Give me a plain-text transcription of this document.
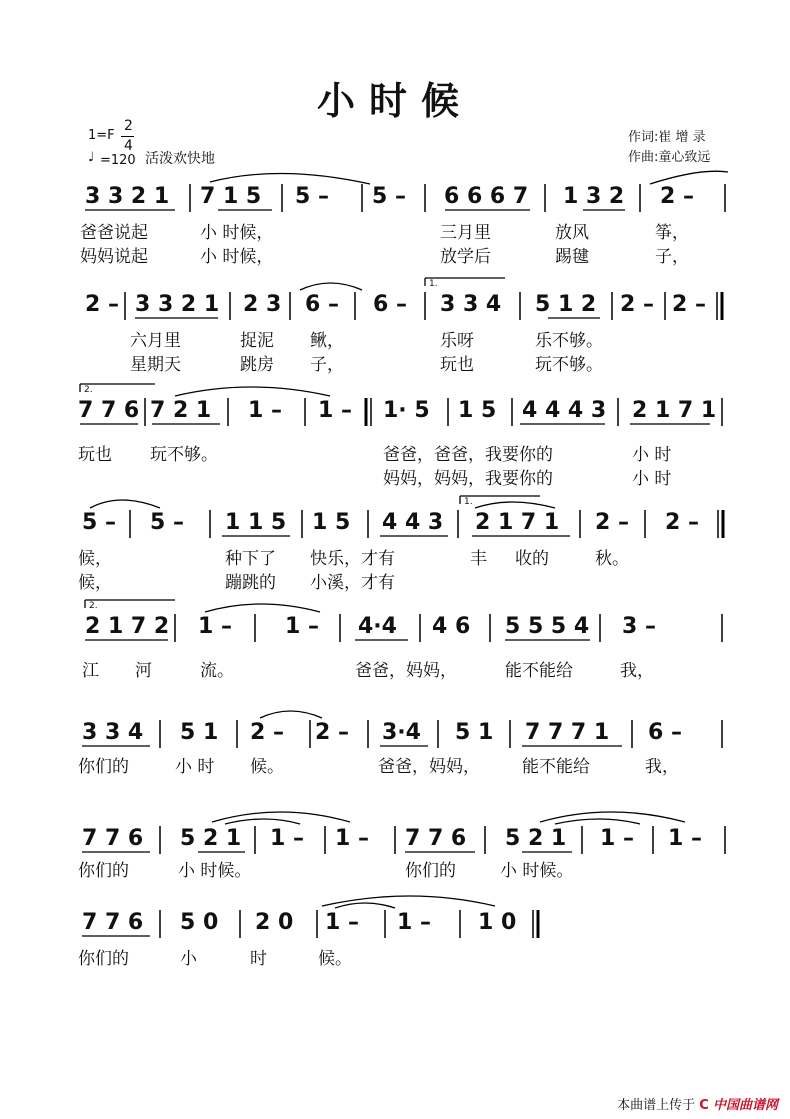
小时候
1=F
2
4
♩ =120 活泼欢快地
作词:崔 增 录
作曲:童心致远
3 3 2 1 7 1 5 5 – 5 – 6 6 6 7 1 3 2 2 –
爸爸说起	小 时候，	三月里	放风	筝，
妈妈说起	小 时候，	放学后	踢毽	子，
1.
2 – 3 3 2 1 2 3 6 – 6 – 3 3 4 5 1 2 2 – 2 –
六月里	捉泥 鳅，	乐呀	乐不够。
星期天	跳房 子，	玩也	玩不够。
2.
7 7 6 7 2 1 1 – 1 – 1· 5 1 5 4 4 4 3 2 1 7 1
玩也 玩不够。	爸爸，爸爸，我要你的	小 时
妈妈，妈妈，我要你的	小 时
1.
5 – 5 – 1 1 5 1 5 4 4 3 2 1 7 1 2 – 2 –
候，	种下了 快乐，才有	丰 收的	秋。
候，	蹦跳的 小溪，才有
2.
2 1 7 2 1 – 1 – 4·4 4 6 5 5 5 4 3 –
江 河	流。	爸爸，妈妈，	能不能给	我，
3 3 4 5 1 2 – 2 – 3·4 5 1 7 7 7 1 6 –
你们的	小 时 候。	爸爸，妈妈， 能不能给	我，
7 7 6 5 2 1 1 – 1 – 7 7 6 5 2 1 1 – 1 –
你们的	小 时候。	你们的	小 时候。
7 7 6 5 0 2 0 1 – 1 – 1 0
你们的	小	时	候。
本曲谱上传于 C 中国曲谱网
